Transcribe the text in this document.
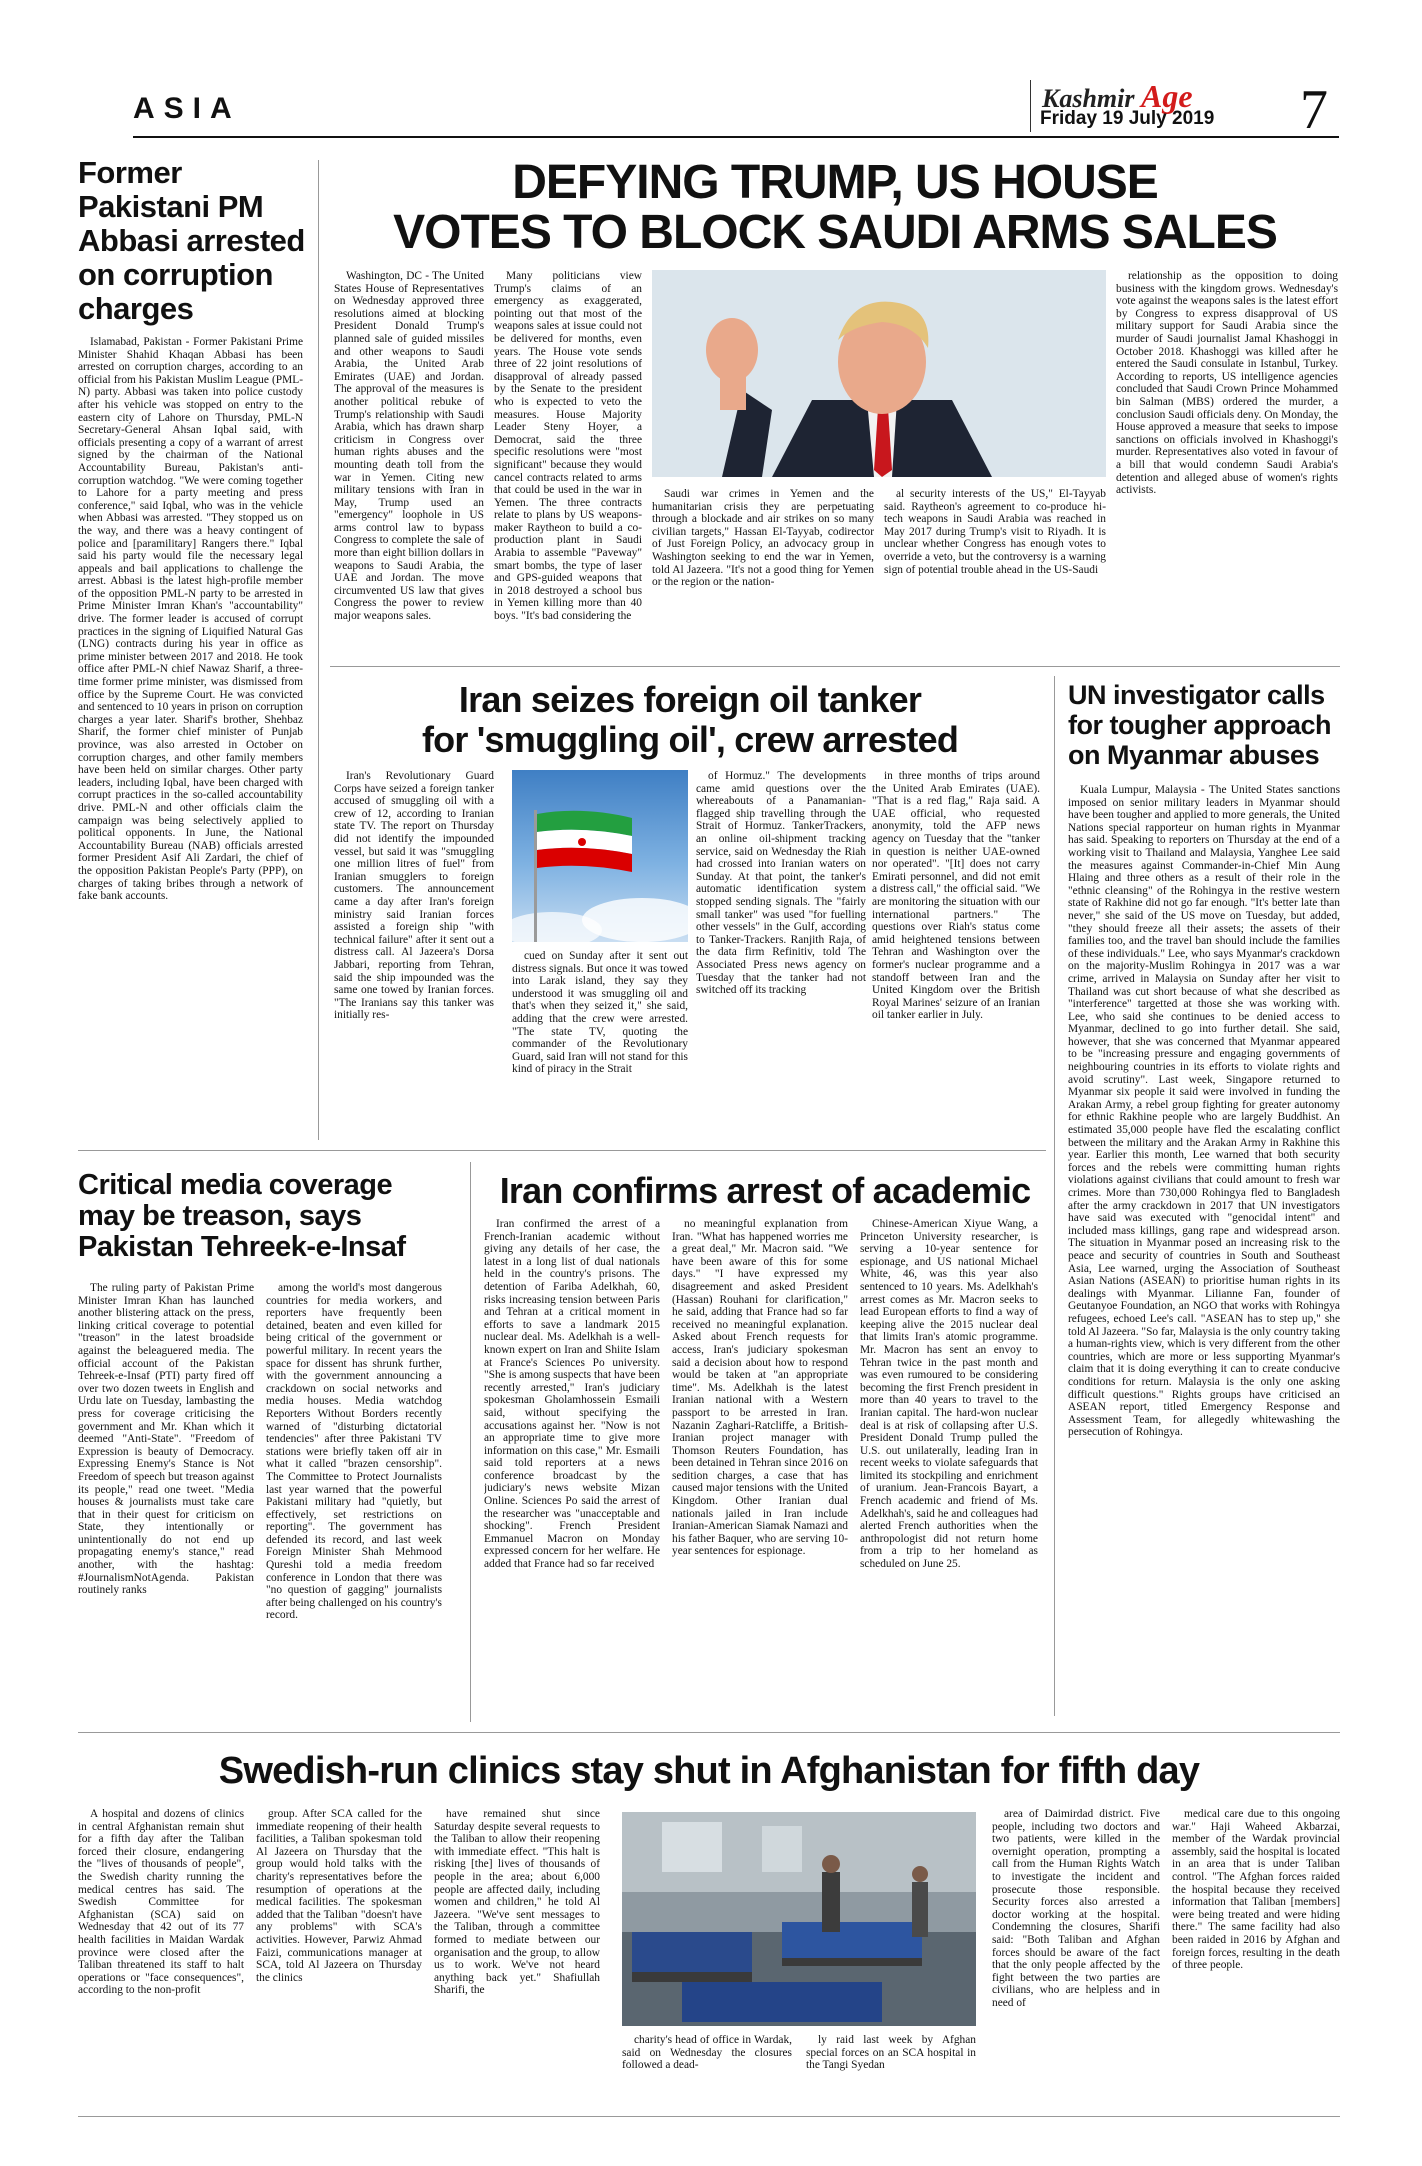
ASIA	Kashmir Age
Friday 19 July 2019 7
Former Pakistani PM Abbasi arrested on corruption charges

Islamabad, Pakistan - Former Pakistani Prime Minister Shahid Khaqan Abbasi has been arrested on corruption charges, according to an official from his Pakistan Muslim League (PML-N) party. Abbasi was taken into police custody after his vehicle was stopped on entry to the eastern city of Lahore on Thursday, PML-N Secretary-General Ahsan Iqbal said, with officials presenting a copy of a warrant of arrest signed by the chairman of the National Accountability Bureau, Pakistan's anti-corruption watchdog. "We were coming together to Lahore for a party meeting and press conference," said Iqbal, who was in the vehicle when Abbasi was arrested. "They stopped us on the way, and there was a heavy contingent of police and [paramilitary] Rangers there." Iqbal said his party would file the necessary legal appeals and bail applications to challenge the arrest. Abbasi is the latest high-profile member of the opposition PML-N party to be arrested in Prime Minister Imran Khan's "accountability" drive. The former leader is accused of corrupt practices in the signing of Liquified Natural Gas (LNG) contracts during his year in office as prime minister between 2017 and 2018. He took office after PML-N chief Nawaz Sharif, a three-time former prime minister, was dismissed from office by the Supreme Court. He was convicted and sentenced to 10 years in prison on corruption charges a year later. Sharif's brother, Shehbaz Sharif, the former chief minister of Punjab province, was also arrested in October on corruption charges, and other family members have been held on similar charges. Other party leaders, including Iqbal, have been charged with corrupt practices in the so-called accountability drive. PML-N and other officials claim the campaign was being selectively applied to political opponents. In June, the National Accountability Bureau (NAB) officials arrested former President Asif Ali Zardari, the chief of the opposition Pakistan People's Party (PPP), on charges of taking bribes through a network of fake bank accounts.

DEFYING TRUMP, US HOUSE
VOTES TO BLOCK SAUDI ARMS SALES

Washington, DC - The United States House of Representatives on Wednesday approved three resolutions aimed at blocking President Donald Trump's planned sale of guided missiles and other weapons to Saudi Arabia, the United Arab Emirates (UAE) and Jordan. The approval of the measures is another political rebuke of Trump's relationship with Saudi Arabia, which has drawn sharp criticism in Congress over human rights abuses and the mounting death toll from the war in Yemen. Citing new military tensions with Iran in May, Trump used an "emergency" loophole in US arms control law to bypass Congress to complete the sale of more than eight billion dollars in weapons to Saudi Arabia, the UAE and Jordan. The move circumvented US law that gives Congress the power to review major weapons sales.

Many politicians view Trump's claims of an emergency as exaggerated, pointing out that most of the weapons sales at issue could not be delivered for months, even years. The House vote sends three of 22 joint resolutions of disapproval of already passed by the Senate to the president who is expected to veto the measures. House Majority Leader Steny Hoyer, a Democrat, said the three specific resolutions were "most significant" because they would cancel contracts related to arms that could be used in the war in Yemen. The three contracts relate to plans by US weapons-maker Raytheon to build a co-production plant in Saudi Arabia to assemble "Paveway" smart bombs, the type of laser and GPS-guided weapons that in 2018 destroyed a school bus in Yemen killing more than 40 boys. "It's bad considering the

Saudi war crimes in Yemen and the humanitarian crisis they are perpetuating through a blockade and air strikes on so many civilian targets," Hassan El-Tayyab, codirector of Just Foreign Policy, an advocacy group in Washington seeking to end the war in Yemen, told Al Jazeera. "It's not a good thing for Yemen or the region or the nation-

al security interests of the US," El-Tayyab said. Raytheon's agreement to co-produce hi-tech weapons in Saudi Arabia was reached in May 2017 during Trump's visit to Riyadh. It is unclear whether Congress has enough votes to override a veto, but the controversy is a warning sign of potential trouble ahead in the US-Saudi

relationship as the opposition to doing business with the kingdom grows. Wednesday's vote against the weapons sales is the latest effort by Congress to express disapproval of US military support for Saudi Arabia since the murder of Saudi journalist Jamal Khashoggi in October 2018. Khashoggi was killed after he entered the Saudi consulate in Istanbul, Turkey. According to reports, US intelligence agencies concluded that Saudi Crown Prince Mohammed bin Salman (MBS) ordered the murder, a conclusion Saudi officials deny. On Monday, the House approved a measure that seeks to impose sanctions on officials involved in Khashoggi's murder. Representatives also voted in favour of a bill that would condemn Saudi Arabia's detention and alleged abuse of women's rights activists.

Iran seizes foreign oil tanker
for 'smuggling oil', crew arrested

Iran's Revolutionary Guard Corps have seized a foreign tanker accused of smuggling oil with a crew of 12, according to Iranian state TV. The report on Thursday did not identify the impounded vessel, but said it was "smuggling one million litres of fuel" from Iranian smugglers to foreign customers. The announcement came a day after Iran's foreign ministry said Iranian forces assisted a foreign ship "with technical failure" after it sent out a distress call. Al Jazeera's Dorsa Jabbari, reporting from Tehran, said the ship impounded was the same one towed by Iranian forces. "The Iranians say this tanker was initially res-

cued on Sunday after it sent out distress signals. But once it was towed into Larak island, they say they understood it was smuggling oil and that's when they seized it," she said, adding that the crew were arrested. "The state TV, quoting the commander of the Revolutionary Guard, said Iran will not stand for this kind of piracy in the Strait

of Hormuz." The developments came amid questions over the whereabouts of a Panamanian-flagged ship travelling through the Strait of Hormuz. TankerTrackers, an online oil-shipment tracking service, said on Wednesday the Riah had crossed into Iranian waters on Sunday. At that point, the tanker's automatic identification system stopped sending signals. The "fairly small tanker" was used "for fuelling other vessels" in the Gulf, according to Tanker-Trackers. Ranjith Raja, of the data firm Refinitiv, told The Associated Press news agency on Tuesday that the tanker had not switched off its tracking

in three months of trips around the United Arab Emirates (UAE). "That is a red flag," Raja said. A UAE official, who requested anonymity, told the AFP news agency on Tuesday that the "tanker in question is neither UAE-owned nor operated". "[It] does not carry Emirati personnel, and did not emit a distress call," the official said. "We are monitoring the situation with our international partners." The questions over Riah's status come amid heightened tensions between Tehran and Washington over the former's nuclear programme and a standoff between Iran and the United Kingdom over the British Royal Marines' seizure of an Iranian oil tanker earlier in July.

UN investigator calls for tougher approach on Myanmar abuses

Kuala Lumpur, Malaysia - The United States sanctions imposed on senior military leaders in Myanmar should have been tougher and applied to more generals, the United Nations special rapporteur on human rights in Myanmar has said. Speaking to reporters on Thursday at the end of a working visit to Thailand and Malaysia, Yanghee Lee said the measures against Commander-in-Chief Min Aung Hlaing and three others as a result of their role in the "ethnic cleansing" of the Rohingya in the restive western state of Rakhine did not go far enough. "It's better late than never," she said of the US move on Tuesday, but added, "they should freeze all their assets; the assets of their families too, and the travel ban should include the families of these individuals." Lee, who says Myanmar's crackdown on the majority-Muslim Rohingya in 2017 was a war crime, arrived in Malaysia on Sunday after her visit to Thailand was cut short because of what she described as "interference" targetted at those she was working with. Lee, who said she continues to be denied access to Myanmar, declined to go into further detail. She said, however, that she was concerned that Myanmar appeared to be "increasing pressure and engaging governments of neighbouring countries in its efforts to violate rights and avoid scrutiny". Last week, Singapore returned to Myanmar six people it said were involved in funding the Arakan Army, a rebel group fighting for greater autonomy for ethnic Rakhine people who are largely Buddhist. An estimated 35,000 people have fled the escalating conflict between the military and the Arakan Army in Rakhine this year. Earlier this month, Lee warned that both security forces and the rebels were committing human rights violations against civilians that could amount to fresh war crimes. More than 730,000 Rohingya fled to Bangladesh after the army crackdown in 2017 that UN investigators have said was executed with "genocidal intent" and included mass killings, gang rape and widespread arson. The situation in Myanmar posed an increasing risk to the peace and security of countries in South and Southeast Asia, Lee warned, urging the Association of Southeast Asian Nations (ASEAN) to prioritise human rights in its dealings with Myanmar. Lilianne Fan, founder of Geutanyoe Foundation, an NGO that works with Rohingya refugees, echoed Lee's call. "ASEAN has to step up," she told Al Jazeera. "So far, Malaysia is the only country taking a human-rights view, which is very different from the other countries, which are more or less supporting Myanmar's claim that it is doing everything it can to create conducive conditions for return. Malaysia is the only one asking difficult questions." Rights groups have criticised an ASEAN report, titled Emergency Response and Assessment Team, for allegedly whitewashing the persecution of Rohingya.

Critical media coverage may be treason, says Pakistan Tehreek-e-Insaf

The ruling party of Pakistan Prime Minister Imran Khan has launched another blistering attack on the press, linking critical coverage to potential "treason" in the latest broadside against the beleaguered media. The official account of the Pakistan Tehreek-e-Insaf (PTI) party fired off over two dozen tweets in English and Urdu late on Tuesday, lambasting the press for coverage criticising the government and Mr. Khan which it deemed "Anti-State". "Freedom of Expression is beauty of Democracy. Expressing Enemy's Stance is Not Freedom of speech but treason against its people," read one tweet. "Media houses & journalists must take care that in their quest for criticism on State, they intentionally or unintentionally do not end up propagating enemy's stance," read another, with the hashtag: #JournalismNotAgenda. Pakistan routinely ranks

among the world's most dangerous countries for media workers, and reporters have frequently been detained, beaten and even killed for being critical of the government or powerful military. In recent years the space for dissent has shrunk further, with the government announcing a crackdown on social networks and media houses. Media watchdog Reporters Without Borders recently warned of "disturbing dictatorial tendencies" after three Pakistani TV stations were briefly taken off air in what it called "brazen censorship". The Committee to Protect Journalists last year warned that the powerful Pakistani military had "quietly, but effectively, set restrictions on reporting". The government has defended its record, and last week Foreign Minister Shah Mehmood Qureshi told a media freedom conference in London that there was "no question of gagging" journalists after being challenged on his country's record.

Iran confirms arrest of academic

Iran confirmed the arrest of a French-Iranian academic without giving any details of her case, the latest in a long list of dual nationals held in the country's prisons. The detention of Fariba Adelkhah, 60, risks increasing tension between Paris and Tehran at a critical moment in efforts to save a landmark 2015 nuclear deal. Ms. Adelkhah is a well-known expert on Iran and Shiite Islam at France's Sciences Po university. "She is among suspects that have been recently arrested," Iran's judiciary spokesman Gholamhossein Esmaili said, without specifying the accusations against her. "Now is not an appropriate time to give more information on this case," Mr. Esmaili said told reporters at a news conference broadcast by the judiciary's news website Mizan Online. Sciences Po said the arrest of the researcher was "unacceptable and shocking". French President Emmanuel Macron on Monday expressed concern for her welfare. He added that France had so far received

no meaningful explanation from Iran. "What has happened worries me a great deal," Mr. Macron said. "We have been aware of this for some days." "I have expressed my disagreement and asked President (Hassan) Rouhani for clarification," he said, adding that France had so far received no meaningful explanation. Asked about French requests for access, Iran's judiciary spokesman said a decision about how to respond would be taken at "an appropriate time". Ms. Adelkhah is the latest Iranian national with a Western passport to be arrested in Iran. Nazanin Zaghari-Ratcliffe, a British-Iranian project manager with Thomson Reuters Foundation, has been detained in Tehran since 2016 on sedition charges, a case that has caused major tensions with the United Kingdom. Other Iranian dual nationals jailed in Iran include Iranian-American Siamak Namazi and his father Baquer, who are serving 10-year sentences for espionage.

Chinese-American Xiyue Wang, a Princeton University researcher, is serving a 10-year sentence for espionage, and US national Michael White, 46, was this year also sentenced to 10 years. Ms. Adelkhah's arrest comes as Mr. Macron seeks to lead European efforts to find a way of keeping alive the 2015 nuclear deal that limits Iran's atomic programme. Mr. Macron has sent an envoy to Tehran twice in the past month and was even rumoured to be considering becoming the first French president in more than 40 years to travel to the Iranian capital. The hard-won nuclear deal is at risk of collapsing after U.S. President Donald Trump pulled the U.S. out unilaterally, leading Iran in recent weeks to violate safeguards that limited its stockpiling and enrichment of uranium. Jean-Francois Bayart, a French academic and friend of Ms. Adelkhah's, said he and colleagues had alerted French authorities when the anthropologist did not return home from a trip to her homeland as scheduled on June 25.

Swedish-run clinics stay shut in Afghanistan for fifth day

A hospital and dozens of clinics in central Afghanistan remain shut for a fifth day after the Taliban forced their closure, endangering the "lives of thousands of people", the Swedish charity running the medical centres has said. The Swedish Committee for Afghanistan (SCA) said on Wednesday that 42 out of its 77 health facilities in Maidan Wardak province were closed after the Taliban threatened its staff to halt operations or "face consequences", according to the non-profit

group. After SCA called for the immediate reopening of their health facilities, a Taliban spokesman told Al Jazeera on Thursday that the group would hold talks with the charity's representatives before the resumption of operations at the medical facilities. The spokesman added that the Taliban "doesn't have any problems" with SCA's activities. However, Parwiz Ahmad Faizi, communications manager at SCA, told Al Jazeera on Thursday the clinics

have remained shut since Saturday despite several requests to the Taliban to allow their reopening with immediate effect. "This halt is risking [the] lives of thousands of people in the area; about 6,000 people are affected daily, including women and children," he told Al Jazeera. "We've sent messages to the Taliban, through a committee formed to mediate between our organisation and the group, to allow us to work. We've not heard anything back yet." Shafiullah Sharifi, the

charity's head of office in Wardak, said on Wednesday the closures followed a dead-

ly raid last week by Afghan special forces on an SCA hospital in the Tangi Syedan

area of Daimirdad district. Five people, including two doctors and two patients, were killed in the overnight operation, prompting a call from the Human Rights Watch to investigate the incident and prosecute those responsible. Security forces also arrested a doctor working at the hospital. Condemning the closures, Sharifi said: "Both Taliban and Afghan forces should be aware of the fact that the only people affected by the fight between the two parties are civilians, who are helpless and in need of

medical care due to this ongoing war." Haji Waheed Akbarzai, member of the Wardak provincial assembly, said the hospital is located in an area that is under Taliban control. "The Afghan forces raided the hospital because they received information that Taliban [members] were being treated and were hiding there." The same facility had also been raided in 2016 by Afghan and foreign forces, resulting in the death of three people.
